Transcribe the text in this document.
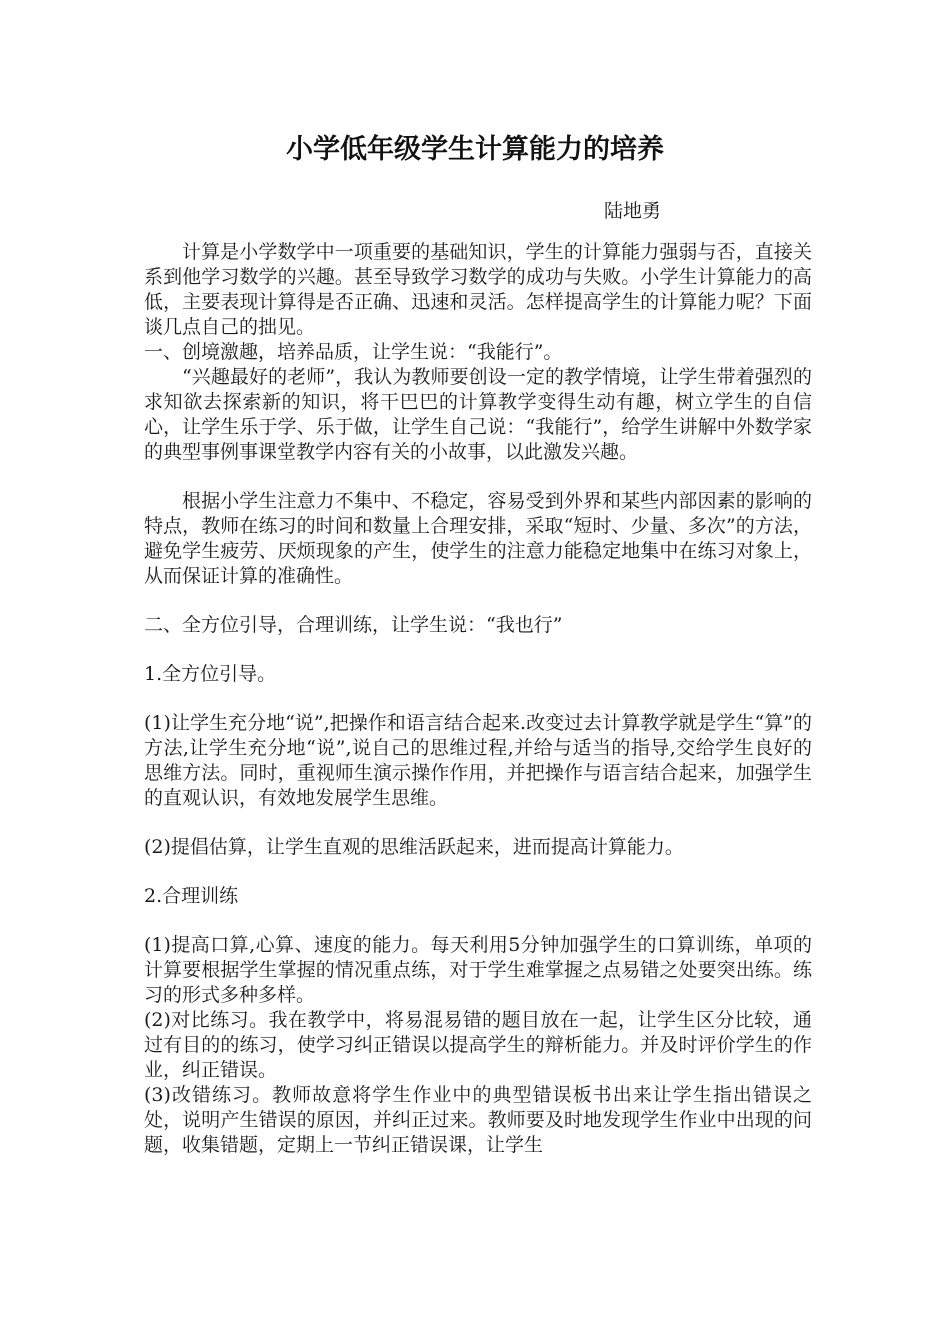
小学低年级学生计算能力的培养

陆地勇

计算是小学数学中一项重要的基础知识，学生的计算能力强弱与否，直接关系到他学习数学的兴趣。甚至导致学习数学的成功与失败。小学生计算能力的高低，主要表现计算得是否正确、迅速和灵活。怎样提高学生的计算能力呢？下面谈几点自己的拙见。

一、创境激趣，培养品质，让学生说：“我能行”。

“兴趣最好的老师”，我认为教师要创设一定的教学情境，让学生带着强烈的求知欲去探索新的知识，将干巴巴的计算教学变得生动有趣，树立学生的自信心，让学生乐于学、乐于做，让学生自己说：“我能行”，给学生讲解中外数学家的典型事例事课堂教学内容有关的小故事，以此激发兴趣。

根据小学生注意力不集中、不稳定，容易受到外界和某些内部因素的影响的特点，教师在练习的时间和数量上合理安排，采取“短时、少量、多次”的方法，避免学生疲劳、厌烦现象的产生，使学生的注意力能稳定地集中在练习对象上，从而保证计算的准确性。

二、全方位引导，合理训练，让学生说：“我也行”

1.全方位引导。

(1)让学生充分地“说”,把操作和语言结合起来.改变过去计算教学就是学生“算”的方法,让学生充分地“说”,说自己的思维过程,并给与适当的指导,交给学生良好的思维方法。同时，重视师生演示操作作用，并把操作与语言结合起来，加强学生的直观认识，有效地发展学生思维。

(2)提倡估算，让学生直观的思维活跃起来，进而提高计算能力。

2.合理训练

(1)提高口算,心算、速度的能力。每天利用5分钟加强学生的口算训练，单项的计算要根据学生掌握的情况重点练，对于学生难掌握之点易错之处要突出练。练习的形式多种多样。

(2)对比练习。我在教学中，将易混易错的题目放在一起，让学生区分比较，通过有目的的练习，使学习纠正错误以提高学生的辩析能力。并及时评价学生的作业，纠正错误。

(3)改错练习。教师故意将学生作业中的典型错误板书出来让学生指出错误之处，说明产生错误的原因，并纠正过来。教师要及时地发现学生作业中出现的问题，收集错题，定期上一节纠正错误课，让学生
